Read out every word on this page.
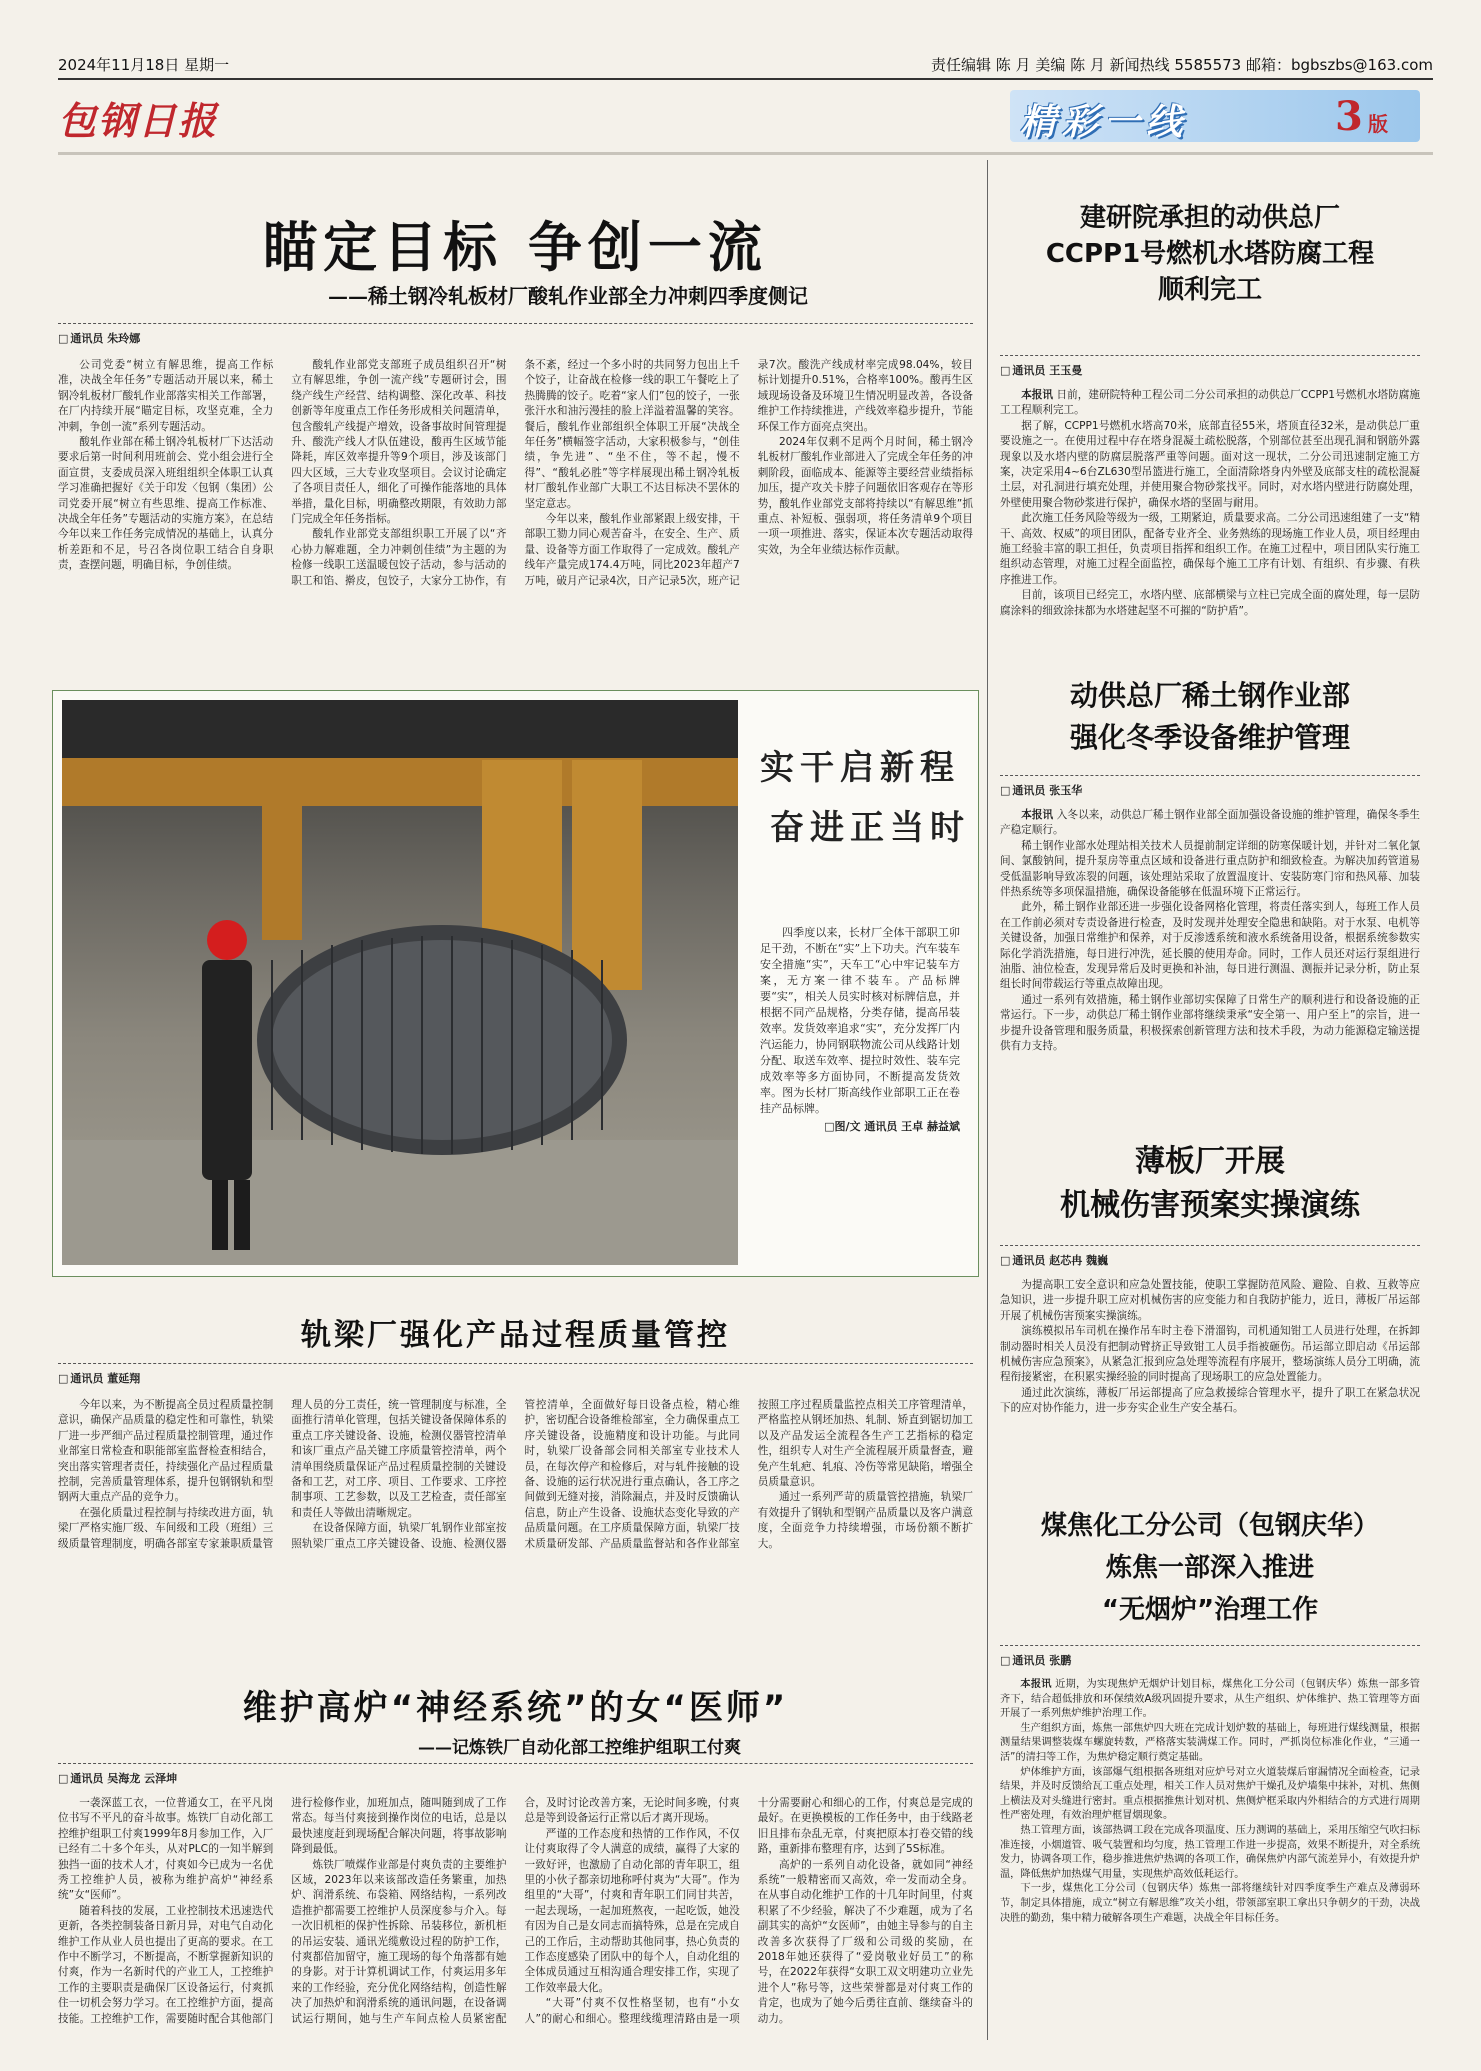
2024年11月18日 星期一	责任编辑 陈 月 美编 陈 月 新闻热线 5585573 邮箱：bgbszbs@163.com
包钢日报	精彩一线	3 版
瞄定目标 争创一流
——稀土钢冷轧板材厂酸轧作业部全力冲刺四季度侧记
□ 通讯员 朱玲娜

公司党委“树立有解思维，提高工作标准，决战全年任务”专题活动开展以来，稀土钢冷轧板材厂酸轧作业部落实相关工作部署，在厂内持续开展“瞄定目标，攻坚克难，全力冲刺，争创一流”系列专题活动。

酸轧作业部在稀土钢冷轧板材厂下达活动要求后第一时间利用班前会、党小组会进行全面宣贯，支委成员深入班组组织全体职工认真学习准确把握好《关于印发〈包钢（集团）公司党委开展“树立有些思维、提高工作标准、决战全年任务”专题活动的实施方案》，在总结今年以来工作任务完成情况的基础上，认真分析差距和不足，号召各岗位职工结合自身职责，查摆问题，明确目标，争创佳绩。

酸轧作业部党支部班子成员组织召开“树立有解思维，争创一流产线”专题研讨会，围绕产线生产经营、结构调整、深化改革、科技创新等年度重点工作任务形成相关问题清单，包含酸轧产线提产增效，设备事故时间管理提升、酸洗产线人才队伍建设，酸再生区域节能降耗，库区效率提升等9个项目，涉及该部门四大区域，三大专业攻坚项目。会议讨论确定了各项目责任人，细化了可操作能落地的具体举措，量化目标，明确整改期限，有效助力部门完成全年任务指标。

酸轧作业部党支部组织职工开展了以“齐心协力解难题，全力冲刺创佳绩”为主题的为检修一线职工送温暖包饺子活动，参与活动的职工和馅、擀皮，包饺子，大家分工协作，有条不紊，经过一个多小时的共同努力包出上千个饺子，让奋战在检修一线的职工午餐吃上了热腾腾的饺子。吃着“家人们”包的饺子，一张张汗水和油污漫挂的脸上洋溢着温馨的笑容。餐后，酸轧作业部组织全体职工开展“决战全年任务”横幅签字活动，大家积极参与，“创佳绩，争先进”、“坐不住，等不起，慢不得”、“酸轧必胜”等字样展现出稀土钢冷轧板材厂酸轧作业部广大职工不达目标决不罢休的坚定意志。

今年以来，酸轧作业部紧跟上级安排，干部职工勠力同心观苦奋斗，在安全、生产、质量、设备等方面工作取得了一定成效。酸轧产线年产量完成174.4万吨，同比2023年超产7万吨，破月产记录4次，日产记录5次，班产记录7次。酸洗产线成材率完成98.04%，较目标计划提升0.51%，合格率100%。酸再生区域现场设备及环境卫生情况明显改善，各设备维护工作持续推进，产线效率稳步提升，节能环保工作方面亮点突出。

2024年仅剩不足两个月时间，稀土钢冷轧板材厂酸轧作业部进入了完成全年任务的冲刺阶段，面临成本、能源等主要经营业绩指标加压，提产攻关卡脖子问题依旧客观存在等形势，酸轧作业部党支部将持续以“有解思维”抓重点、补短板、强弱项，将任务清单9个项目一项一项推进、落实，保证本次专题活动取得实效，为全年业绩达标作贡献。

实干启新程
奋进正当时

四季度以来，长材厂全体干部职工卯足干劲，不断在“实”上下功夫。汽车装车安全措施“实”，天车工“心中牢记装车方案，无方案一律不装车。产品标牌要“实”，相关人员实时核对标牌信息，并根据不同产品规格，分类存储，提高吊装效率。发货效率追求“实”，充分发挥厂内汽运能力，协同钢联物流公司从线路计划分配、取送车效率、提拉时效性、装车完成效率等多方面协同，不断提高发货效率。图为长材厂斯高线作业部职工正在卷挂产品标牌。

□图/文 通讯员 王卓 赫益斌
轨梁厂强化产品过程质量管控
□ 通讯员 董延翔

今年以来，为不断提高全员过程质量控制意识，确保产品质量的稳定性和可靠性，轨梁厂进一步严细产品过程质量控制管理，通过作业部室日常检查和职能部室监督检查相结合，突出落实管理者责任，持续强化产品过程质量控制，完善质量管理体系，提升包钢钢轨和型钢两大重点产品的竞争力。

在强化质量过程控制与持续改进方面，轨梁厂严格实施厂级、车间级和工段（班组）三级质量管理制度，明确各部室专家兼职质量管理人员的分工责任，统一管理制度与标准，全面推行清单化管理，包括关键设备保障体系的重点工序关键设备、设施，检测仪器管控清单和该厂重点产品关键工序质量管控清单，两个清单围绕质量保证产品过程质量控制的关键设备和工艺，对工序、项目、工作要求、工序控制事项、工艺参数，以及工艺检查，责任部室和责任人等做出清晰规定。

在设备保障方面，轨梁厂轧钢作业部室按照轨梁厂重点工序关键设备、设施、检测仪器管控清单，全面做好每日设备点检，精心维护，密切配合设备维检部室，全力确保重点工序关键设备，设施精度和设计功能。与此同时，轨梁厂设备部会同相关部室专业技术人员，在每次停产和检修后，对与轧件接触的设备、设施的运行状况进行重点确认，各工序之间做到无缝对接，消除漏点，并及时反馈确认信息，防止产生设备、设施状态变化导致的产品质量问题。在工序质量保障方面，轨梁厂技术质量研发部、产品质量监督站和各作业部室按照工序过程质量监控点相关工序管理清单，严格监控从钢坯加热、轧制、矫直到锯切加工以及产品发运全流程各生产工艺指标的稳定性，组织专人对生产全流程展开质量督查，避免产生轧疤、轧痕、冷伤等常见缺陷，增强全员质量意识。

通过一系列严苛的质量管控措施，轨梁厂有效提升了钢轨和型钢产品质量以及客户满意度，全面竞争力持续增强，市场份额不断扩大。

维护高炉“神经系统”的女“医师”
——记炼铁厂自动化部工控维护组职工付爽
□ 通讯员 吴海龙 云泽坤

一袭深蓝工衣，一位普通女工，在平凡岗位书写不平凡的奋斗故事。炼铁厂自动化部工控维护组职工付爽1999年8月参加工作，入厂已经有二十多个年头，从对PLC的一知半解到独挡一面的技术人才，付爽如今已成为一名优秀工控维护人员，被称为维护高炉“神经系统”女“医师”。

随着科技的发展，工业控制技术迅速迭代更新，各类控制装备日新月异，对电气自动化维护工作从业人员也提出了更高的要求。在工作中不断学习，不断提高，不断掌握新知识的付爽，作为一名新时代的产业工人，工控维护工作的主要职责是确保厂区设备运行，付爽抓住一切机会努力学习。在工控维护方面，提高技能。工控维护工作，需要随时配合其他部门进行检修作业，加班加点，随叫随到成了工作常态。每当付爽接到操作岗位的电话，总是以最快速度赶到现场配合解决问题，将事故影响降到最低。

炼铁厂喷煤作业部是付爽负责的主要维护区域，2023年以来该部改造任务繁重，加热炉、润滑系统、布袋箱、网络结构，一系列改造推护都需要工控维护人员深度参与介入。每一次旧机柜的保护性拆除、吊装移位，新机柜的吊运安装、通讯光缆敷设过程的防护工作，付爽都倍加留守，施工现场的每个角落都有她的身影。对于计算机调试工作，付爽运用多年来的工作经验，充分优化网络结构，创造性解决了加热炉和润滑系统的通讯问题，在设备调试运行期间，她与生产车间点检人员紧密配合，及时讨论改善方案，无论时间多晚，付爽总是等到设备运行正常以后才离开现场。

严谨的工作态度和热情的工作作风，不仅让付爽取得了令人满意的成绩，赢得了大家的一致好评，也激励了自动化部的青年职工，组里的小伙子都亲切地称呼付爽为“大哥”。作为组里的“大哥”，付爽和青年职工们同甘共苦，一起去现场，一起加班熬夜，一起吃饭，她没有因为自己是女同志而搞特殊，总是在完成自己的工作后，主动帮助其他同事，热心负责的工作态度感染了团队中的每个人，自动化组的全体成员通过互相沟通合理安排工作，实现了工作效率最大化。

“大哥”付爽不仅性格坚韧，也有“小女人”的耐心和细心。整理线缆理清路由是一项十分需要耐心和细心的工作，付爽总是完成的最好。在更换模板的工作任务中，由于线路老旧且排布杂乱无章，付爽把原本打卷交错的线路，重新排布整理有序，达到了5S标准。

高炉的一系列自动化设备，就如同“神经系统”一般精密而又高效，牵一发而动全身。在从事自动化维护工作的十几年时间里，付爽积累了不少经验，解决了不少难题，成为了名副其实的高炉“女医师”，由她主导参与的自主改善多次获得了厂级和公司级的奖励，在2018年她还获得了“爱岗敬业好员工”的称号，在2022年获得“女职工双文明建功立业先进个人”称号等，这些荣誉都是对付爽工作的肯定，也成为了她今后勇往直前、继续奋斗的动力。

建研院承担的动供总厂
CCPP1号燃机水塔防腐工程
顺利完工
□ 通讯员 王玉曼

本报讯 日前，建研院特种工程公司二分公司承担的动供总厂CCPP1号燃机水塔防腐施工工程顺利完工。

据了解，CCPP1号燃机水塔高70米，底部直径55米，塔顶直径32米，是动供总厂重要设施之一。在使用过程中存在塔身混凝土疏松脱落，个别部位甚至出现孔洞和钢筋外露现象以及水塔内壁的防腐层脱落严重等问题。面对这一现状，二分公司迅速制定施工方案，决定采用4~6台ZL630型吊篮进行施工，全面清除塔身内外壁及底部支柱的疏松混凝土层，对孔洞进行填充处理，并使用聚合物砂浆找平。同时，对水塔内壁进行防腐处理，外壁使用聚合物砂浆进行保护，确保水塔的坚固与耐用。

此次施工任务风险等级为一级，工期紧迫，质量要求高。二分公司迅速组建了一支“精干、高效、权威”的项目团队，配备专业齐全、业务熟练的现场施工作业人员，项目经理由施工经验丰富的职工担任，负责项目指挥和组织工作。在施工过程中，项目团队实行施工组织动态管理，对施工过程全面监控，确保每个施工工序有计划、有组织、有步骤、有秩序推进工作。

目前，该项目已经完工，水塔内壁、底部横梁与立柱已完成全面的腐处理，每一层防腐涂料的细致涂抹都为水塔建起坚不可摧的“防护盾”。

动供总厂稀土钢作业部
强化冬季设备维护管理
□ 通讯员 张玉华

本报讯 入冬以来，动供总厂稀土钢作业部全面加强设备设施的维护管理，确保冬季生产稳定顺行。

稀土钢作业部水处理站相关技术人员提前制定详细的防寒保暖计划，并针对二氧化氯间、氯酸钠间，提升泵房等重点区域和设备进行重点防护和细致检查。为解决加药管道易受低温影响导致冻裂的问题，该处理站采取了放置温度计、安装防寒门帘和热风幕、加装伴热系统等多项保温措施，确保设备能够在低温环境下正常运行。

此外，稀土钢作业部还进一步强化设备网格化管理，将责任落实到人，每班工作人员在工作前必须对专责设备进行检查，及时发现并处理安全隐患和缺陷。对于水泵、电机等关键设备，加强日常维护和保养，对于反渗透系统和液水系统备用设备，根据系统参数实际化学消洗措施，每日进行冲洗，延长膜的使用寿命。同时，工作人员还对运行泵组进行油脂、油位检查，发现异常后及时更换和补油，每日进行测温、测振并记录分析，防止泵组长时间带载运行等重点故障出现。

通过一系列有效措施，稀土钢作业部切实保障了日常生产的顺利进行和设备设施的正常运行。下一步，动供总厂稀土钢作业部将继续秉承“安全第一、用户至上”的宗旨，进一步提升设备管理和服务质量，积极探索创新管理方法和技术手段，为动力能源稳定输送提供有力支持。

薄板厂开展
机械伤害预案实操演练
□ 通讯员 赵芯冉 魏巍

为提高职工安全意识和应急处置技能，使职工掌握防范风险、避险、自救、互救等应急知识，进一步提升职工应对机械伤害的应变能力和自我防护能力，近日，薄板厂吊运部开展了机械伤害预案实操演练。

演练模拟吊车司机在操作吊车时主卷下滑溜钩，司机通知钳工人员进行处理，在拆卸制动器时相关人员没有把制动臂挤正导致钳工人员手指被砸伤。吊运部立即启动《吊运部机械伤害应急预案》，从紧急汇报到应急处理等流程有序展开，整场演练人员分工明确，流程衔接紧密，在积累实操经验的同时提高了现场职工的应急处置能力。

通过此次演练，薄板厂吊运部提高了应急救援综合管理水平，提升了职工在紧急状况下的应对协作能力，进一步夯实企业生产安全基石。

煤焦化工分公司（包钢庆华）
炼焦一部深入推进
“无烟炉”治理工作
□ 通讯员 张鹏

本报讯 近期，为实现焦炉无烟炉计划目标，煤焦化工分公司（包钢庆华）炼焦一部多管齐下，结合超低排放和环保绩效A级巩固提升要求，从生产组织、炉体维护、热工管理等方面开展了一系列焦炉维护治理工作。

生产组织方面，炼焦一部焦炉四大班在完成计划炉数的基础上，每班进行煤线测量，根据测量结果调整装煤车螺旋转数，严格落实装满煤工作。同时，严抓岗位标准化作业，“三通一活”的清扫等工作，为焦炉稳定顺行奠定基础。

炉体维护方面，该部爆气组根据各班组对应炉号对立火道装煤后窜漏情况全面检查，记录结果，并及时反馈给瓦工重点处理，相关工作人员对焦炉干燥孔及炉墙集中抹补，对机、焦侧上横法及对头缝进行密封。重点根据推焦计划对机、焦侧炉框采取内外相结合的方式进行周期性严密处理，有效治理炉框冒烟现象。

热工管理方面，该部热调工段在完成各项温度、压力测调的基础上，采用压缩空气吹扫标准连接，小烟道管、吸气装置和均匀度，热工管理工作进一步提高，效果不断提升，对全系统发力，协调各项工作，稳步推进焦炉热调的各项工作，确保焦炉内部气流差异小，有效提升炉温，降低焦炉加热煤气用量，实现焦炉高效低耗运行。

下一步，煤焦化工分公司（包钢庆华）炼焦一部将继续针对四季度季生产难点及薄弱环节，制定具体措施，成立“树立有解思维”攻关小组，带领部室职工拿出只争朝夕的干劲，决战决胜的勤劲，集中精力破解各项生产难题，决战全年目标任务。
